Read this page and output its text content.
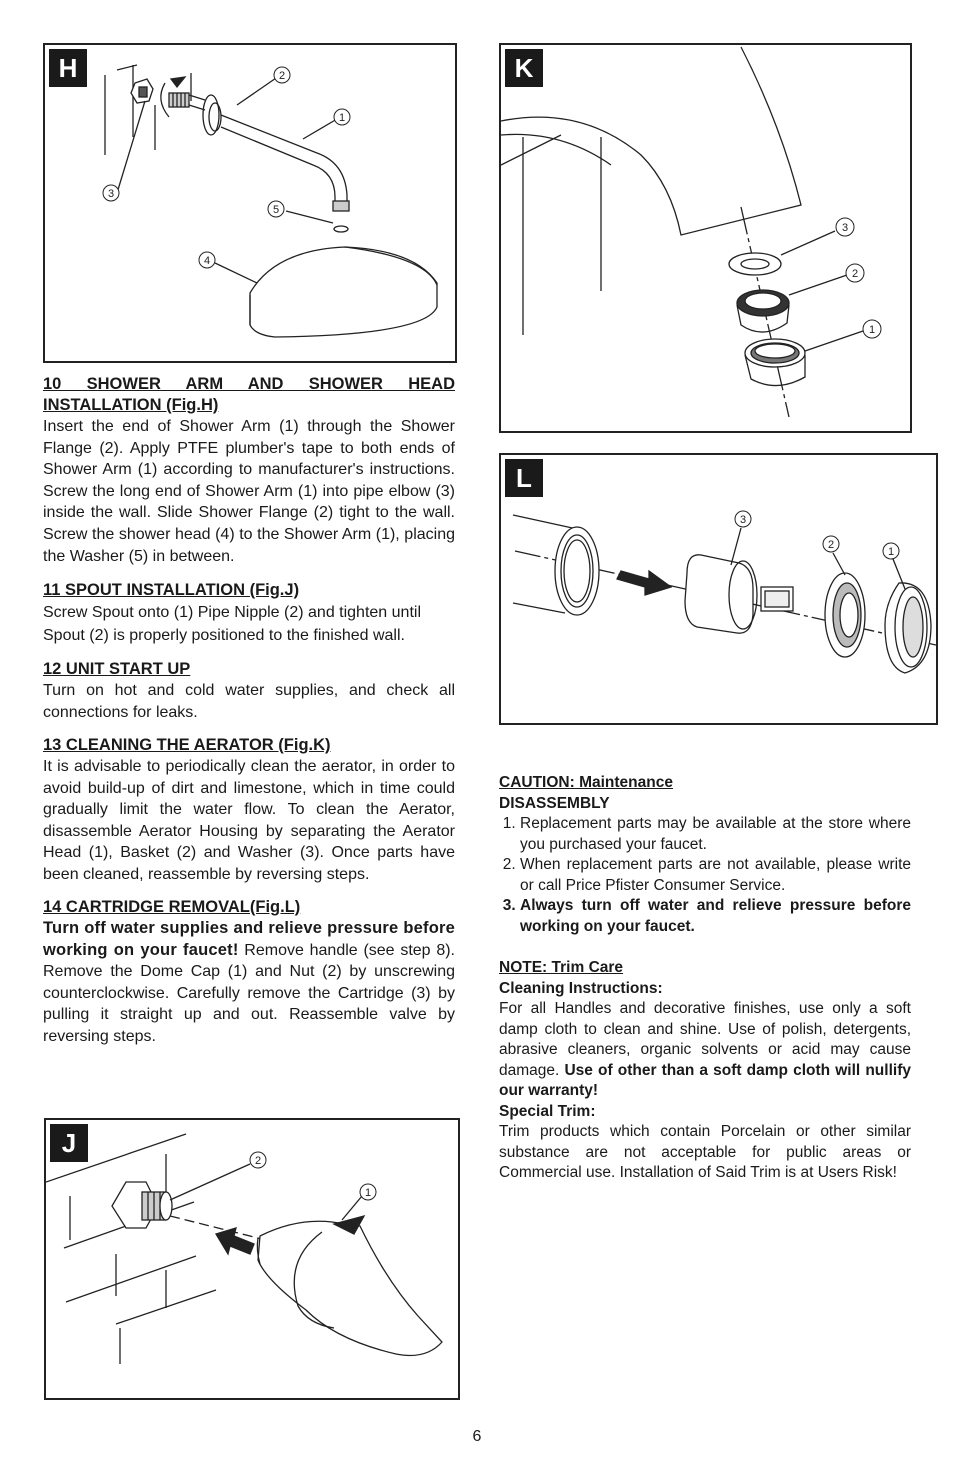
2
1
3
5
4
H
3
2
1
K
3
2
1
L
2
1
J
10 SHOWER ARM AND SHOWER HEAD
INSTALLATION (Fig.H)
Insert the end of Shower Arm (1) through the Shower Flange (2). Apply PTFE plumber's tape to both ends of Shower Arm (1) according to manufacturer's instructions. Screw the long end of Shower Arm (1) into pipe elbow (3) inside the wall. Slide Shower Flange (2) tight to the wall. Screw the shower head (4) to the Shower Arm (1), placing the Washer (5) in between.
11 SPOUT INSTALLATION (Fig.J)
Screw Spout onto (1) Pipe Nipple (2) and tighten until
Spout (2) is properly positioned to the finished wall.
12 UNIT START UP
Turn on hot and cold water supplies, and check all connections for leaks.
13 CLEANING THE AERATOR (Fig.K)
It is advisable to periodically clean the aerator, in order to avoid build-up of dirt and limestone, which in time could gradually limit the water flow. To clean the Aerator, disassemble Aerator Housing by separating the Aerator Head (1), Basket (2) and Washer (3). Once parts have been cleaned, reassemble by reversing steps.
14 CARTRIDGE REMOVAL(Fig.L)
Turn off water supplies and relieve pressure before working on your faucet! Remove handle (see step 8). Remove the Dome Cap (1) and Nut (2) by unscrewing counterclockwise. Carefully remove the Cartridge (3) by pulling it straight up and out. Reassemble valve by reversing steps.
CAUTION: Maintenance
DISASSEMBLY
1. Replacement parts may be available at the store where you purchased your faucet.
2. When replacement parts are not available, please write or call Price Pfister Consumer Service.
3. Always turn off water and relieve pressure before working on your faucet.
NOTE: Trim Care
Cleaning Instructions:
For all Handles and decorative finishes, use only a soft damp cloth to clean and shine. Use of polish, detergents, abrasive cleaners, organic solvents or acid may cause damage. Use of other than a soft damp cloth will nullify our warranty!
Special Trim:
Trim products which contain Porcelain or other similar substance are not acceptable for public areas or Commercial use. Installation of Said Trim is at Users Risk!
6
